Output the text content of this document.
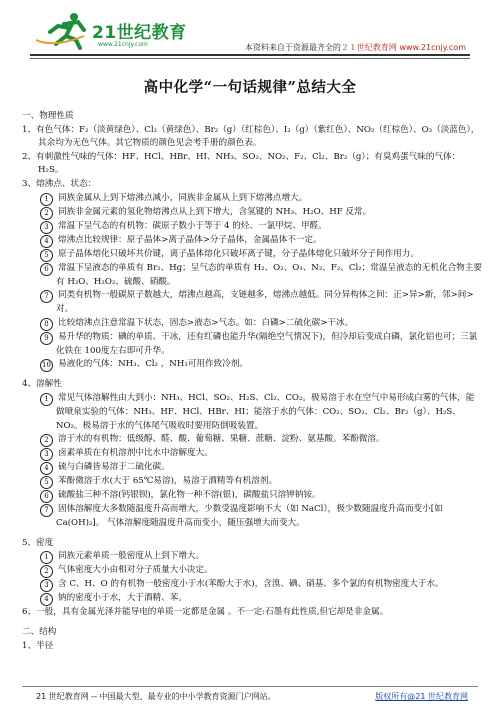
21世纪教育
www.21cnjy.com	本资料来自于资源最齐全的２１世纪教育网 www.21cnjy.com
高中化学“一句话规律”总结大全
一、物理性质
1、有色气体：F₂（淡黄绿色）、Cl₂（黄绿色）、Br₂（g）（红棕色）、I₂（g）（紫红色）、NO₂（红棕色）、O₃（淡蓝色），其余均为无色气体。其它物质的颜色见会考手册的颜色表。
2、有刺激性气味的气体：HF、HCl、HBr、HI、NH₃、SO₂、NO₂、F₂、Cl₂、Br₂（g）；有臭鸡蛋气味的气体：H₂S。
3、熔沸点、状态：
1 同族金属从上到下熔沸点减小，同族非金属从上到下熔沸点增大。
2 同族非金属元素的氢化物熔沸点从上到下增大，含氢键的 NH₃、H₂O、HF 反常。
3 常温下呈气态的有机物：碳原子数小于等于 4 的烃、一氯甲烷、甲醛。
4 熔沸点比较规律：原子晶体>离子晶体>分子晶体，金属晶体不一定。
5 原子晶体熔化只破坏共价键，离子晶体熔化只破坏离子键，分子晶体熔化只破坏分子间作用力。
6 常温下呈液态的单质有 Br₂、Hg；呈气态的单质有 H₂、O₂、O₃、N₂、F₂、Cl₂；常温呈液态的无机化合物主要有 H₂O、H₂O₂、硫酸、硝酸。
7 同类有机物一般碳原子数越大，熔沸点越高，支链越多，熔沸点越低。同分异构体之间：正>异>新，邻>间>对。
8 比较熔沸点注意常温下状态，固态>液态>气态。如：白磷>二硫化碳>干冰。
9 易升华的物质：碘的单质、干冰，还有红磷也能升华(隔绝空气情况下)，但冷却后变成白磷，氯化铝也可；三氯化铁在 100度左右即可升华。
10 易液化的气体：NH₃、Cl₂ ，NH₃可用作致冷剂。
4、溶解性
1 常见气体溶解性由大到小：NH₃、HCl、SO₂、H₂S、Cl₂、CO₂。极易溶于水在空气中易形成白雾的气体，能做喷泉实验的气体：NH₃、HF、HCl、HBr、HI；能溶于水的气体：CO₂、SO₂、Cl₂、Br₂（g）、H₂S、NO₂。极易溶于水的气体尾气吸收时要用防倒吸装置。
2 溶于水的有机物：低级醇、醛、酸、葡萄糖、果糖、蔗糖、淀粉、氨基酸。苯酚微溶。
3 卤素单质在有机溶剂中比水中溶解度大。
4 硫与白磷皆易溶于二硫化碳。
5 苯酚微溶于水(大于 65℃易溶)，易溶于酒精等有机溶剂。
6 硫酸盐三种不溶(钙银钡)，氯化物一种不溶(银)，碳酸盐只溶钾钠铵。
7 固体溶解度大多数随温度升高而增大，少数受温度影响不大（如 NaCl），极少数随温度升高而变小[如 Ca(OH)₂]。 气体溶解度随温度升高而变小，随压强增大而变大。
5、密度
1 同族元素单质一般密度从上到下增大。
2 气体密度大小由相对分子质量大小决定。
3 含 C、H、O 的有机物一般密度小于水(苯酚大于水)，含溴、碘、硝基、多个氯的有机物密度大于水。
4 钠的密度小于水，大于酒精、苯。
6、一般，具有金属光泽并能导电的单质一定都是金属 。不一定:石墨有此性质,但它却是非金属。
二、结构
1、半径
21 世纪教育网 -- 中国最大型、最专业的中小学教育资源门户网站。	版权所有@21 世纪教育网
